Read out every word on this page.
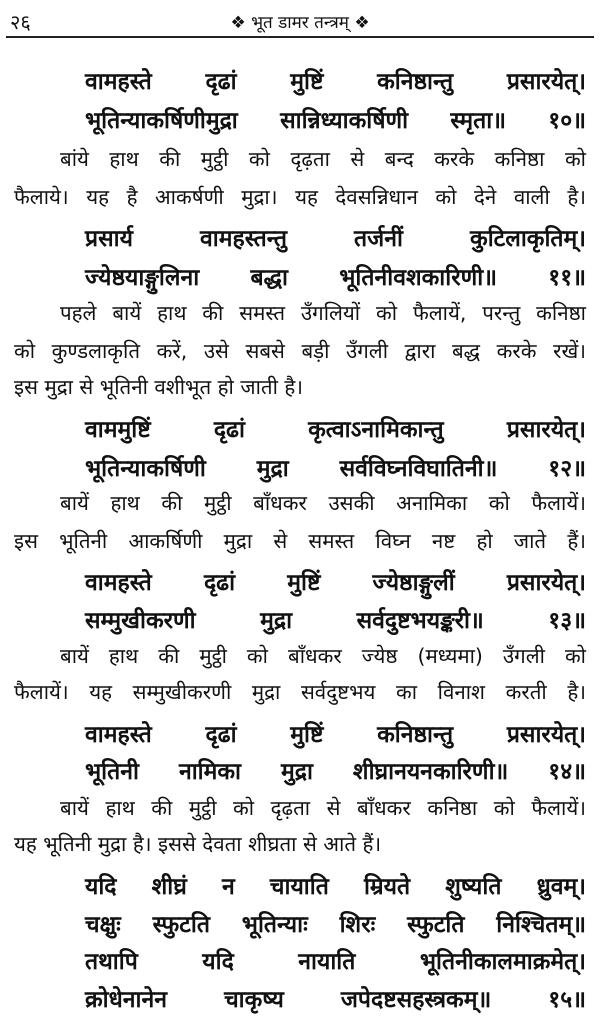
२६	❖ भूत डामर तन्त्रम् ❖
वामहस्ते दृढां मुष्टिं कनिष्ठान्तु प्रसारयेत्।
भूतिन्याकर्षिणीमुद्रा सान्निध्याकर्षिणी स्मृता॥ १०॥
बांये हाथ की मुट्ठी को दृढ़ता से बन्द करके कनिष्ठा को
फैलाये। यह है आकर्षणी मुद्रा। यह देवसन्निधान को देने वाली है।
प्रसार्य वामहस्तन्तु तर्जनीं कुटिलाकृतिम्।
ज्येष्ठयाङ्गुलिना बद्धा भूतिनीवशकारिणी॥ ११॥
पहले बायें हाथ की समस्त उँगलियों को फैलायें, परन्तु कनिष्ठा
को कुण्डलाकृति करें, उसे सबसे बड़ी उँगली द्वारा बद्ध करके रखें।
इस मुद्रा से भूतिनी वशीभूत हो जाती है।
वाममुष्टिं दृढां कृत्वाऽनामिकान्तु प्रसारयेत्।
भूतिन्याकर्षिणी मुद्रा सर्वविघ्नविघातिनी॥ १२॥
बायें हाथ की मुट्ठी बाँधकर उसकी अनामिका को फैलायें।
इस भूतिनी आकर्षिणी मुद्रा से समस्त विघ्न नष्ट हो जाते हैं।
वामहस्ते दृढां मुष्टिं ज्येष्ठाङ्गुलीं प्रसारयेत्।
सम्मुखीकरणी मुद्रा सर्वदुष्टभयङ्करी॥ १३॥
बायें हाथ की मुट्ठी को बाँधकर ज्येष्ठ (मध्यमा) उँगली को
फैलायें। यह सम्मुखीकरणी मुद्रा सर्वदुष्टभय का विनाश करती है।
वामहस्ते दृढां मुष्टिं कनिष्ठान्तु प्रसारयेत्।
भूतिनी नामिका मुद्रा शीघ्रानयनकारिणी॥ १४॥
बायें हाथ की मुट्ठी को दृढ़ता से बाँधकर कनिष्ठा को फैलायें।
यह भूतिनी मुद्रा है। इससे देवता शीघ्रता से आते हैं।
यदि शीघ्रं न चायाति म्रियते शुष्यति ध्रुवम्।
चक्षुः स्फुटति भूतिन्याः शिरः स्फुटति निश्चितम्॥
तथापि यदि नायाति भूतिनीकालमाक्रमेत्।
क्रोधेनानेन चाकृष्य जपेदष्टसहस्त्रकम्॥ १५॥
